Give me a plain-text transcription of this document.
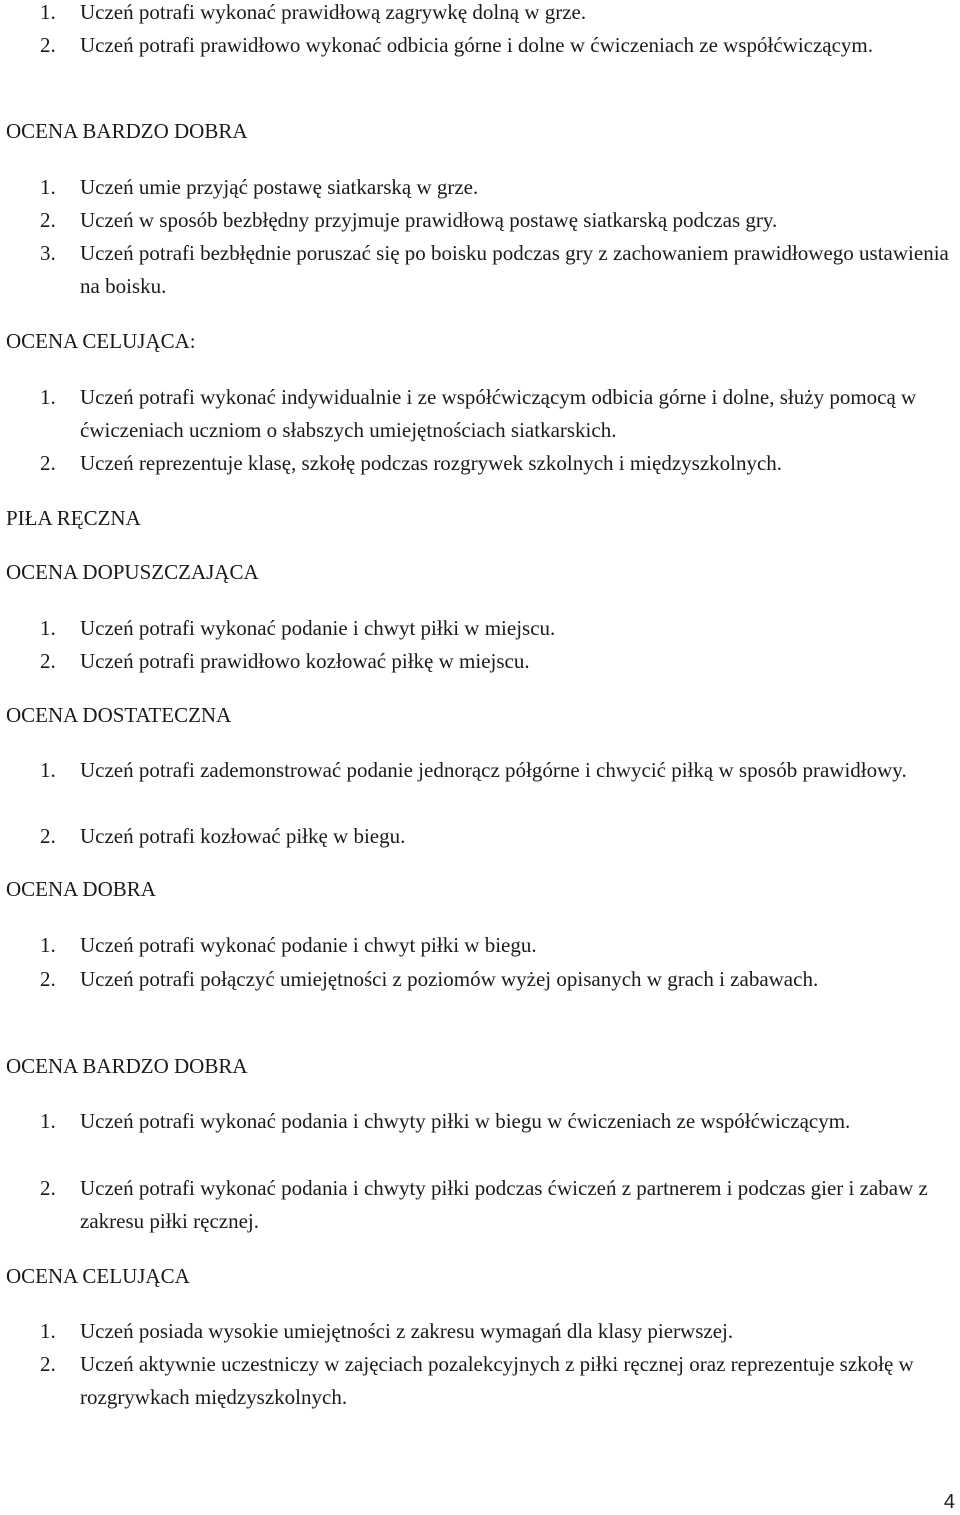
1. Uczeń potrafi wykonać prawidłową zagrywkę dolną w grze.
2. Uczeń potrafi prawidłowo wykonać odbicia górne i dolne w ćwiczeniach ze współćwiczącym.
OCENA BARDZO DOBRA
1. Uczeń umie przyjąć postawę siatkarską w grze.
2. Uczeń w sposób bezbłędny przyjmuje prawidłową postawę siatkarską podczas gry.
3. Uczeń potrafi bezbłędnie poruszać się po boisku podczas gry z zachowaniem prawidłowego ustawienia na boisku.
OCENA CELUJĄCA:
1. Uczeń potrafi wykonać indywidualnie i ze współćwiczącym odbicia górne i dolne, służy pomocą w ćwiczeniach uczniom o słabszych umiejętnościach siatkarskich.
2. Uczeń reprezentuje klasę, szkołę podczas rozgrywek szkolnych i międzyszkolnych.
PIŁA RĘCZNA
OCENA DOPUSZCZAJĄCA
1. Uczeń potrafi wykonać podanie i chwyt piłki w miejscu.
2. Uczeń potrafi prawidłowo kozłować piłkę w miejscu.
OCENA DOSTATECZNA
1. Uczeń potrafi zademonstrować podanie jednorącz półgórne i chwycić piłką w sposób prawidłowy.
2. Uczeń potrafi kozłować piłkę w biegu.
OCENA DOBRA
1. Uczeń potrafi wykonać podanie i chwyt piłki w biegu.
2. Uczeń potrafi połączyć umiejętności z poziomów wyżej opisanych w grach i zabawach.
OCENA BARDZO DOBRA
1. Uczeń potrafi wykonać podania i chwyty piłki w biegu w ćwiczeniach ze współćwiczącym.
2. Uczeń potrafi wykonać podania i chwyty piłki podczas ćwiczeń z partnerem i podczas gier i zabaw z zakresu piłki ręcznej.
OCENA CELUJĄCA
1. Uczeń posiada wysokie umiejętności z zakresu wymagań dla klasy pierwszej.
2. Uczeń aktywnie uczestniczy w zajęciach pozalekcyjnych z piłki ręcznej oraz reprezentuje szkołę w rozgrywkach międzyszkolnych.
4
